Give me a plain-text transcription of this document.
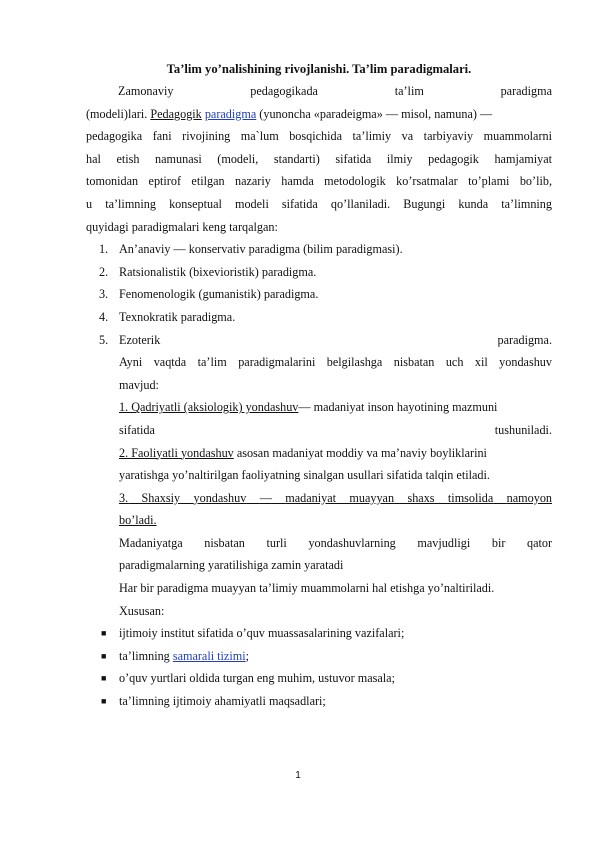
Ta’lim yo’nalishining rivojlanishi. Ta’lim paradigmalari.
Zamonaviy	pedagogikada	ta’lim	paradigma
(modeli)lari. Pedagogik paradigma (yunoncha «paradeigma» — misol, namuna) —
pedagogika fani rivojining ma`lum bosqichida ta’limiy va tarbiyaviy muammolarni
hal etish namunasi (modeli, standarti) sifatida ilmiy pedagogik hamjamiyat
tomonidan eptirof etilgan nazariy hamda metodologik ko’rsatmalar to’plami bo’lib,
u ta’limning konseptual modeli sifatida qo’llaniladi. Bugungi kunda ta’limning
quyidagi paradigmalari keng tarqalgan:
1. An’anaviy — konservativ paradigma (bilim paradigmasi).
2. Ratsionalistik (bixevioristik) paradigma.
3. Fenomenologik (gumanistik) paradigma.
4. Texnokratik paradigma.
5. Ezoterik	paradigma.
Ayni vaqtda ta’lim paradigmalarini belgilashga nisbatan uch xil yondashuv
mavjud:
1. Qadriyatli (aksiologik) yondashuv— madaniyat inson hayotining mazmuni
sifatida	tushuniladi.
2. Faoliyatli yondashuv asosan madaniyat moddiy va ma’naviy boyliklarini
yaratishga yo’naltirilgan faoliyatning sinalgan usullari sifatida talqin etiladi.
3. Shaxsiy yondashuv — madaniyat muayyan shaxs timsolida namoyon
bo’ladi.
Madaniyatga nisbatan turli yondashuvlarning mavjudligi bir qator
paradigmalarning yaratilishiga zamin yaratadi
Har bir paradigma muayyan ta’limiy muammolarni hal etishga yo’naltiriladi.
Xususan:
■ ijtimoiy institut sifatida o’quv muassasalarining vazifalari;
■ ta’limning samarali tizimi;
■ o’quv yurtlari oldida turgan eng muhim, ustuvor masala;
■ ta’limning ijtimoiy ahamiyatli maqsadlari;
1
